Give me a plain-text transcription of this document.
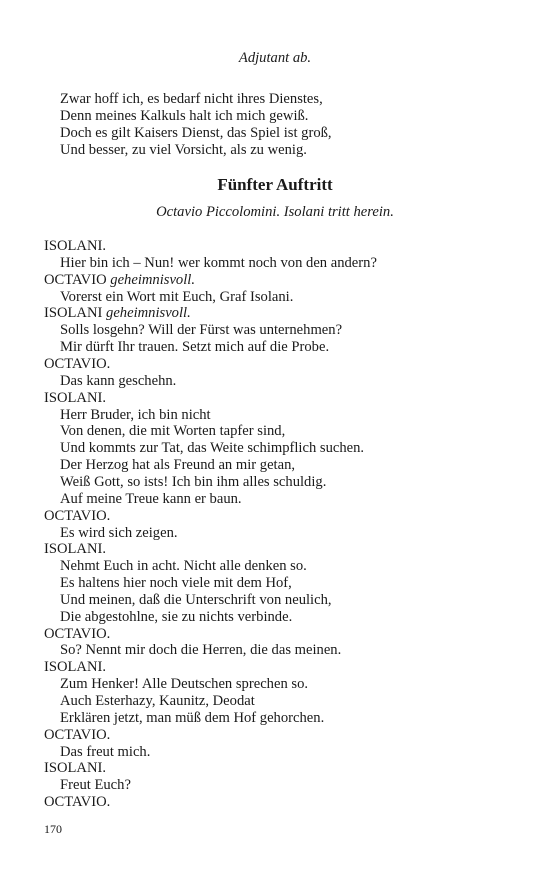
Adjutant ab.
Zwar hoff ich, es bedarf nicht ihres Dienstes,
Denn meines Kalkuls halt ich mich gewiß.
Doch es gilt Kaisers Dienst, das Spiel ist groß,
Und besser, zu viel Vorsicht, als zu wenig.
Fünfter Auftritt
Octavio Piccolomini. Isolani tritt herein.
ISOLANI.
Hier bin ich – Nun! wer kommt noch von den andern?
OCTAVIO geheimnisvoll.
Vorerst ein Wort mit Euch, Graf Isolani.
ISOLANI geheimnisvoll.
Solls losgehn? Will der Fürst was unternehmen?
Mir dürft Ihr trauen. Setzt mich auf die Probe.
OCTAVIO.
Das kann geschehn.
ISOLANI.
Herr Bruder, ich bin nicht
Von denen, die mit Worten tapfer sind,
Und kommts zur Tat, das Weite schimpflich suchen.
Der Herzog hat als Freund an mir getan,
Weiß Gott, so ists! Ich bin ihm alles schuldig.
Auf meine Treue kann er baun.
OCTAVIO.
Es wird sich zeigen.
ISOLANI.
Nehmt Euch in acht. Nicht alle denken so.
Es haltens hier noch viele mit dem Hof,
Und meinen, daß die Unterschrift von neulich,
Die abgestohlne, sie zu nichts verbinde.
OCTAVIO.
So? Nennt mir doch die Herren, die das meinen.
ISOLANI.
Zum Henker! Alle Deutschen sprechen so.
Auch Esterhazy, Kaunitz, Deodat
Erklären jetzt, man müß dem Hof gehorchen.
OCTAVIO.
Das freut mich.
ISOLANI.
Freut Euch?
OCTAVIO.
170
